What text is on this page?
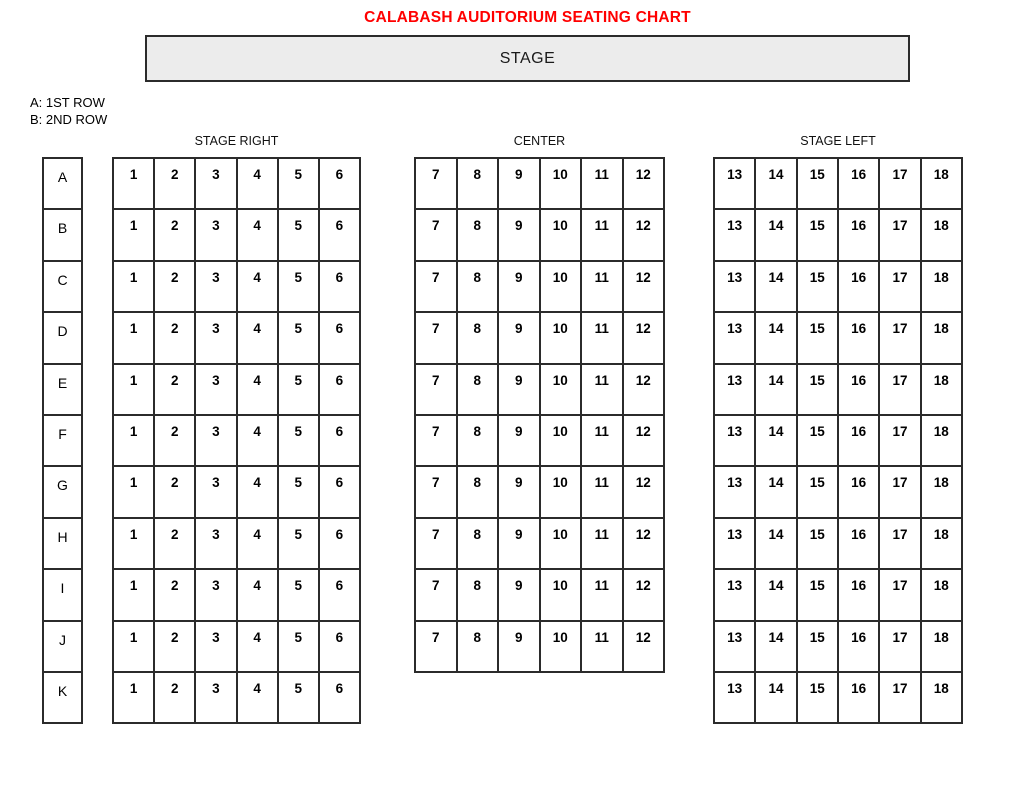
CALABASH AUDITORIUM SEATING CHART
STAGE
A: 1ST ROW
B: 2ND ROW
A
B
C
D
E
F
G
H
I
J
K
STAGE RIGHT
1	2	3	4	5	6
1	2	3	4	5	6
1	2	3	4	5	6
1	2	3	4	5	6
1	2	3	4	5	6
1	2	3	4	5	6
1	2	3	4	5	6
1	2	3	4	5	6
1	2	3	4	5	6
1	2	3	4	5	6
1	2	3	4	5	6
CENTER
7	8	9	10	11	12
7	8	9	10	11	12
7	8	9	10	11	12
7	8	9	10	11	12
7	8	9	10	11	12
7	8	9	10	11	12
7	8	9	10	11	12
7	8	9	10	11	12
7	8	9	10	11	12
7	8	9	10	11	12
STAGE LEFT
13	14	15	16	17	18
13	14	15	16	17	18
13	14	15	16	17	18
13	14	15	16	17	18
13	14	15	16	17	18
13	14	15	16	17	18
13	14	15	16	17	18
13	14	15	16	17	18
13	14	15	16	17	18
13	14	15	16	17	18
13	14	15	16	17	18
